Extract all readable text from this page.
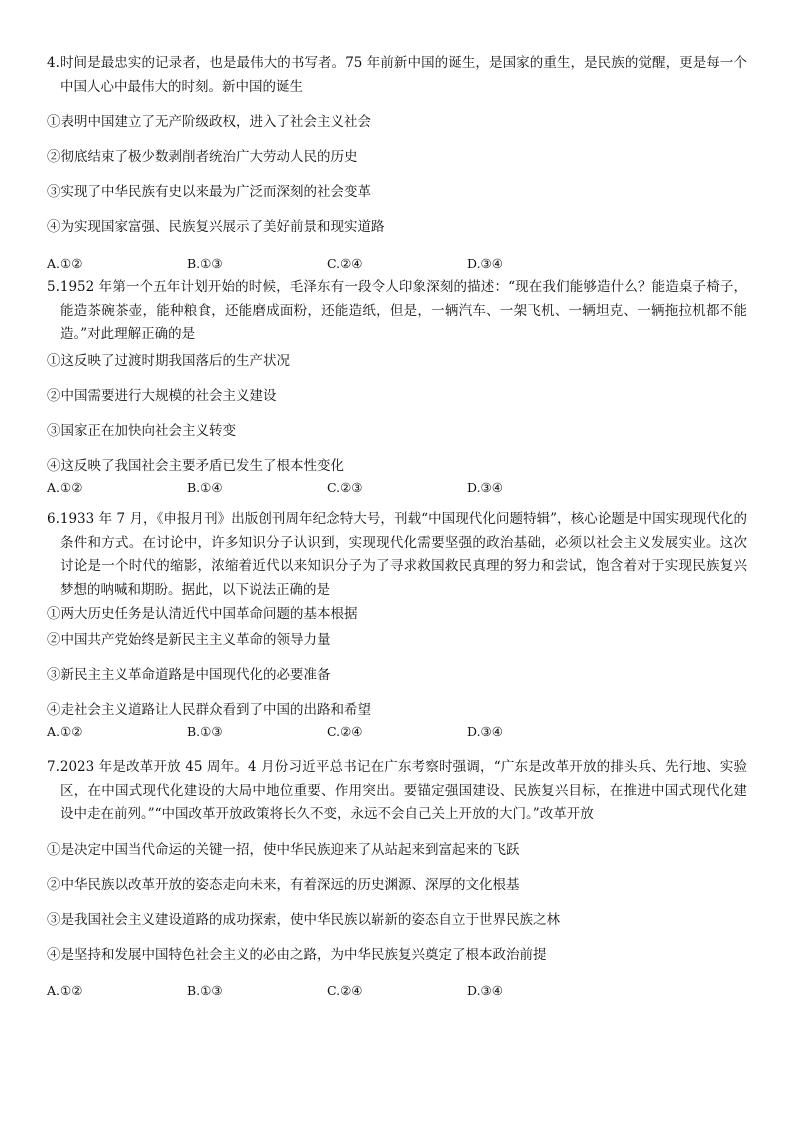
4.时间是最忠实的记录者，也是最伟大的书写者。75 年前新中国的诞生，是国家的重生，是民族的觉醒，更是每一个中国人心中最伟大的时刻。新中国的诞生

①表明中国建立了无产阶级政权，进入了社会主义社会

②彻底结束了极少数剥削者统治广大劳动人民的历史

③实现了中华民族有史以来最为广泛而深刻的社会变革

④为实现国家富强、民族复兴展示了美好前景和现实道路

A.①②	B.①③	C.②④	D.③④

5.1952 年第一个五年计划开始的时候，毛泽东有一段令人印象深刻的描述：“现在我们能够造什么？能造桌子椅子，能造茶碗茶壶，能种粮食，还能磨成面粉，还能造纸，但是，一辆汽车、一架飞机、一辆坦克、一辆拖拉机都不能造。”对此理解正确的是

①这反映了过渡时期我国落后的生产状况

②中国需要进行大规模的社会主义建设

③国家正在加快向社会主义转变

④这反映了我国社会主要矛盾已发生了根本性变化

A.①②	B.①④	C.②③	D.③④

6.1933 年 7 月，《申报月刊》出版创刊周年纪念特大号，刊载“中国现代化问题特辑”，核心论题是中国实现现代化的条件和方式。在讨论中，许多知识分子认识到，实现现代化需要坚强的政治基础，必须以社会主义发展实业。这次讨论是一个时代的缩影，浓缩着近代以来知识分子为了寻求救国救民真理的努力和尝试，饱含着对于实现民族复兴梦想的呐喊和期盼。据此，以下说法正确的是

①两大历史任务是认清近代中国革命问题的基本根据

②中国共产党始终是新民主主义革命的领导力量

③新民主主义革命道路是中国现代化的必要准备

④走社会主义道路让人民群众看到了中国的出路和希望

A.①②	B.①③	C.②④	D.③④

7.2023 年是改革开放 45 周年。4 月份习近平总书记在广东考察时强调，“广东是改革开放的排头兵、先行地、实验区，在中国式现代化建设的大局中地位重要、作用突出。要锚定强国建设、民族复兴目标，在推进中国式现代化建设中走在前列。”“中国改革开放政策将长久不变，永远不会自己关上开放的大门。”改革开放

①是决定中国当代命运的关键一招，使中华民族迎来了从站起来到富起来的飞跃

②中华民族以改革开放的姿态走向未来，有着深远的历史渊源、深厚的文化根基

③是我国社会主义建设道路的成功探索，使中华民族以崭新的姿态自立于世界民族之林

④是坚持和发展中国特色社会主义的必由之路，为中华民族复兴奠定了根本政治前提

A.①②	B.①③	C.②④	D.③④
